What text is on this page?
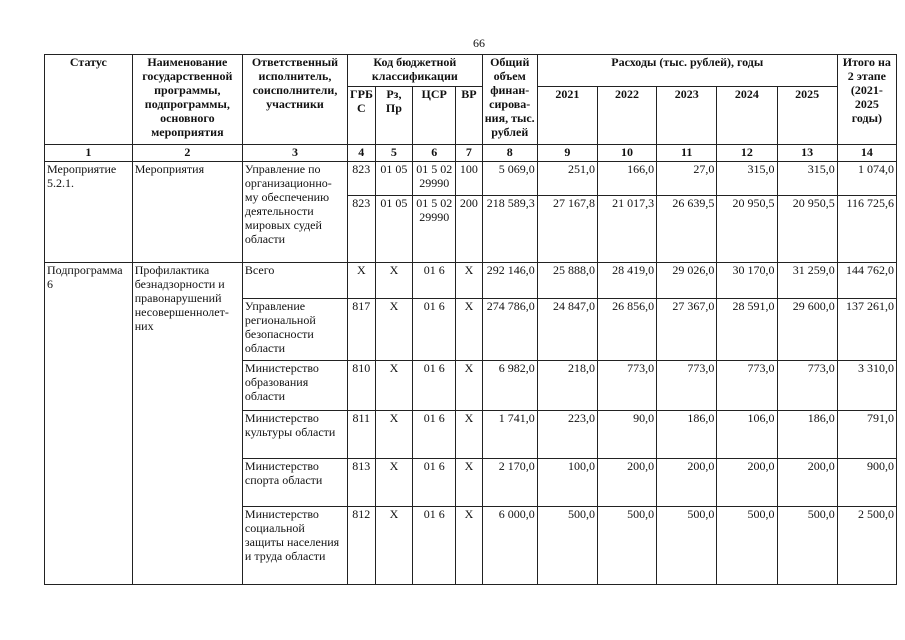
66
Статус	Наименование государственной программы, подпрограммы, основного мероприятия	Ответственный исполнитель, соисполнители, участники	Код бюджетной классификации				Общий объем финан-сирова-ния, тыс. рублей	Расходы (тыс. рублей), годы					Итого на 2 этапе (2021-2025 годы)
			ГРБ С	Рз, Пр	ЦСР	ВР		2021	2022	2023	2024	2025	
1	2	3	4	5	6	7	8	9	10	11	12	13	14
Мероприятие 5.2.1.	Мероприятия	Управление по организационно-му обеспечению деятельности мировых судей области	823	01 05	01 5 02 29990	100	5 069,0	251,0	166,0	27,0	315,0	315,0	1 074,0
			823	01 05	01 5 02 29990	200	218 589,3	27 167,8	21 017,3	26 639,5	20 950,5	20 950,5	116 725,6
Подпрограмма 6	Профилактика безнадзорности и правонарушений несовершеннолет-них	Всего	X	X	01 6	X	292 146,0	25 888,0	28 419,0	29 026,0	30 170,0	31 259,0	144 762,0
		Управление региональной безопасности области	817	X	01 6	X	274 786,0	24 847,0	26 856,0	27 367,0	28 591,0	29 600,0	137 261,0
		Министерство образования области	810	X	01 6	X	6 982,0	218,0	773,0	773,0	773,0	773,0	3 310,0
		Министерство культуры области	811	X	01 6	X	1 741,0	223,0	90,0	186,0	106,0	186,0	791,0
		Министерство спорта области	813	X	01 6	X	2 170,0	100,0	200,0	200,0	200,0	200,0	900,0
		Министерство социальной защиты населения и труда области	812	X	01 6	X	6 000,0	500,0	500,0	500,0	500,0	500,0	2 500,0
